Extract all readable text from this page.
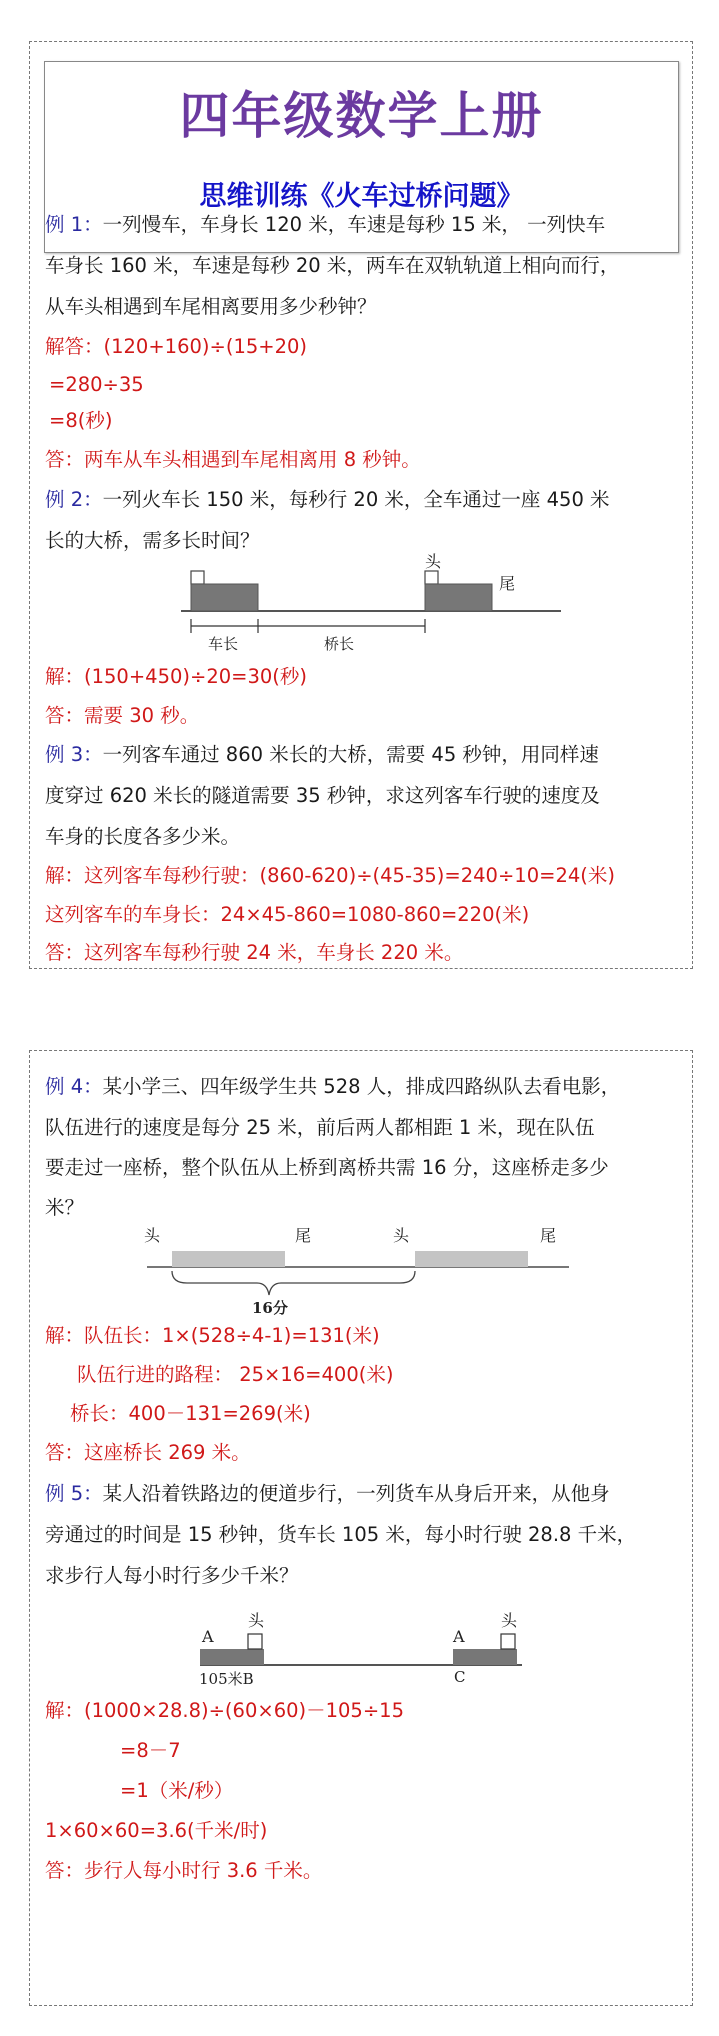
四年级数学上册
思维训练《火车过桥问题》
例 1：一列慢车，车身长 120 米，车速是每秒 15 米， 一列快车
车身长 160 米，车速是每秒 20 米，两车在双轨轨道上相向而行，
从车头相遇到车尾相离要用多少秒钟？
解答：(120+160)÷(15+20)
=280÷35
=8(秒)
答：两车从车头相遇到车尾相离用 8 秒钟。
例 2：一列火车长 150 米，每秒行 20 米，全车通过一座 450 米
长的大桥，需多长时间？
头
尾
车长	桥长
解：(150+450)÷20=30(秒)
答：需要 30 秒。
例 3：一列客车通过 860 米长的大桥，需要 45 秒钟，用同样速
度穿过 620 米长的隧道需要 35 秒钟，求这列客车行驶的速度及
车身的长度各多少米。
解：这列客车每秒行驶：(860-620)÷(45-35)=240÷10=24(米)
这列客车的车身长：24×45-860=1080-860=220(米)
答：这列客车每秒行驶 24 米，车身长 220 米。
例 4：某小学三、四年级学生共 528 人，排成四路纵队去看电影，
队伍进行的速度是每分 25 米，前后两人都相距 1 米，现在队伍
要走过一座桥，整个队伍从上桥到离桥共需 16 分，这座桥走多少
米？
头	尾	头	尾
16分
解：队伍长：1×(528÷4-1)=131(米)
队伍行进的路程： 25×16=400(米)
桥长：400－131=269(米)
答：这座桥长 269 米。
例 5：某人沿着铁路边的便道步行，一列货车从身后开来，从他身
旁通过的时间是 15 秒钟，货车长 105 米，每小时行驶 28.8 千米，
求步行人每小时行多少千米？
头
A
头
A
105米B	C
解：(1000×28.8)÷(60×60)－105÷15
=8－7
=1（米/秒）
1×60×60=3.6(千米/时)
答：步行人每小时行 3.6 千米。
